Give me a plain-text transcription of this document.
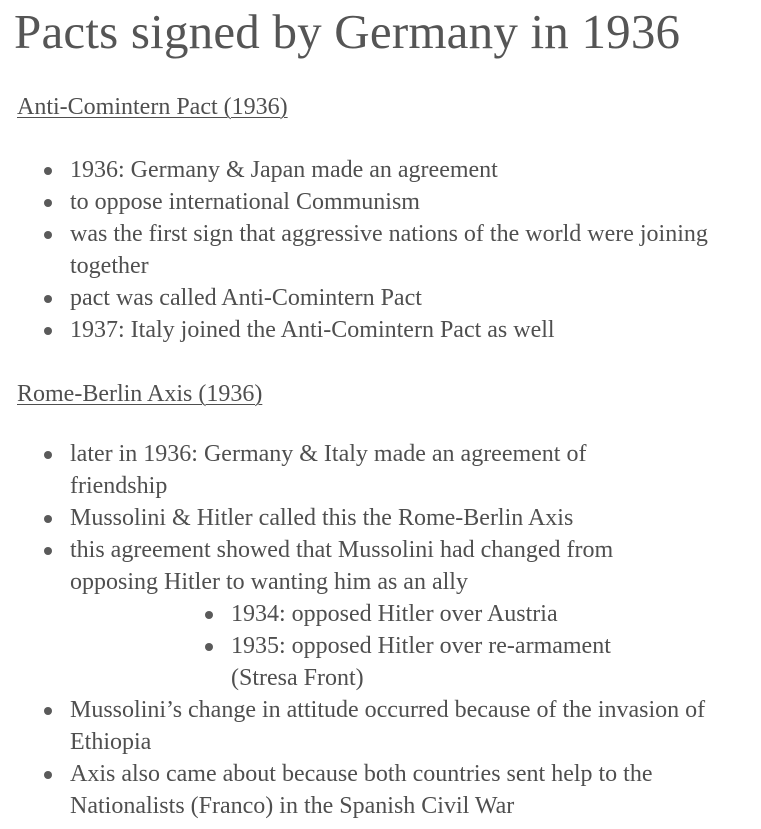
Pacts signed by Germany in 1936
Anti-Comintern Pact (1936)
1936: Germany & Japan made an agreement
to oppose international Communism
was the first sign that aggressive nations of the world were joining together
pact was called Anti-Comintern Pact
1937: Italy joined the Anti-Comintern Pact as well
Rome-Berlin Axis (1936)
later in 1936: Germany & Italy made an agreement of friendship
Mussolini & Hitler called this the Rome-Berlin Axis
this agreement showed that Mussolini had changed from opposing Hitler to wanting him as an ally
Mussolini’s change in attitude occurred because of the invasion of Ethiopia
Axis also came about because both countries sent help to the Nationalists (Franco) in the Spanish Civil War
1934: opposed Hitler over Austria
1935: opposed Hitler over re-armament (Stresa Front)
